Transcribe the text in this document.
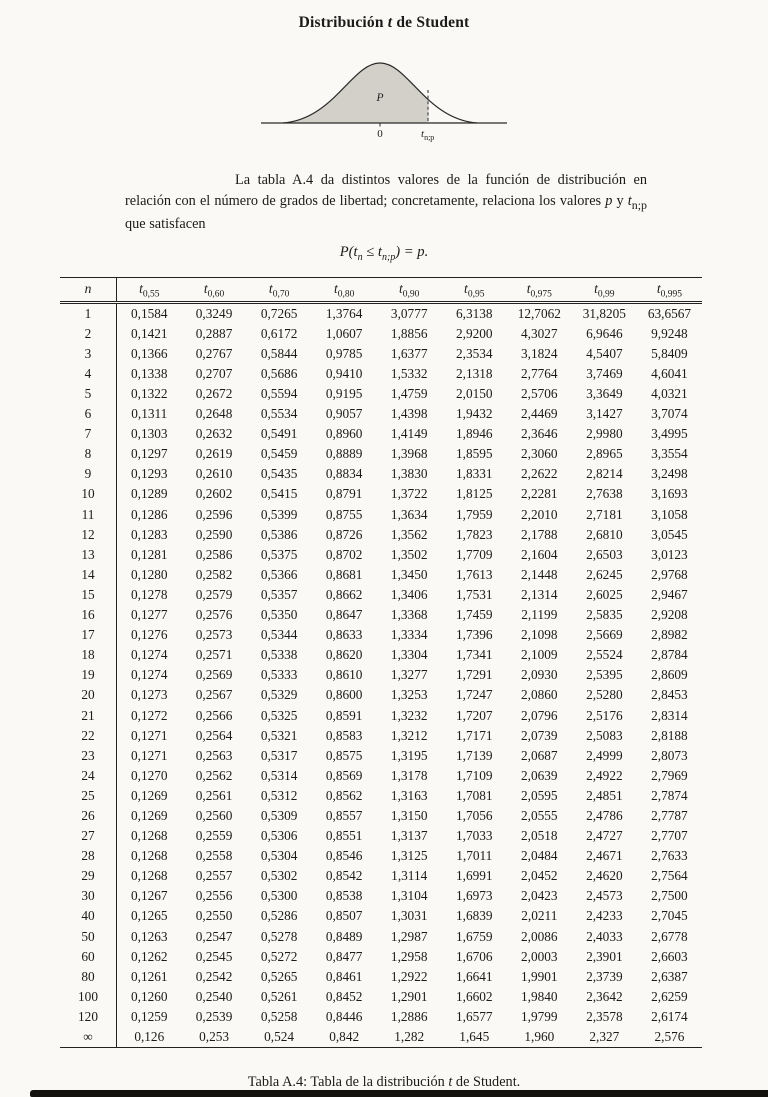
Distribución t de Student
P
0	$t_{n;p}$

La tabla A.4 da distintos valores de la función de distribución en relación con el número de grados de libertad; concretamente, relaciona los valores p y $t_{n;p}$ que satisfacen

$P(t_n \le t_{n;p}) = p$.
n	$t_{0,55}$	$t_{0,60}$	$t_{0,70}$	$t_{0,80}$	$t_{0,90}$	$t_{0,95}$	$t_{0,975}$	$t_{0,99}$	$t_{0,995}$
1	0,1584	0,3249	0,7265	1,3764	3,0777	6,3138	12,7062	31,8205	63,6567
2	0,1421	0,2887	0,6172	1,0607	1,8856	2,9200	4,3027	6,9646	9,9248
3	0,1366	0,2767	0,5844	0,9785	1,6377	2,3534	3,1824	4,5407	5,8409
4	0,1338	0,2707	0,5686	0,9410	1,5332	2,1318	2,7764	3,7469	4,6041
5	0,1322	0,2672	0,5594	0,9195	1,4759	2,0150	2,5706	3,3649	4,0321
6	0,1311	0,2648	0,5534	0,9057	1,4398	1,9432	2,4469	3,1427	3,7074
7	0,1303	0,2632	0,5491	0,8960	1,4149	1,8946	2,3646	2,9980	3,4995
8	0,1297	0,2619	0,5459	0,8889	1,3968	1,8595	2,3060	2,8965	3,3554
9	0,1293	0,2610	0,5435	0,8834	1,3830	1,8331	2,2622	2,8214	3,2498
10	0,1289	0,2602	0,5415	0,8791	1,3722	1,8125	2,2281	2,7638	3,1693
11	0,1286	0,2596	0,5399	0,8755	1,3634	1,7959	2,2010	2,7181	3,1058
12	0,1283	0,2590	0,5386	0,8726	1,3562	1,7823	2,1788	2,6810	3,0545
13	0,1281	0,2586	0,5375	0,8702	1,3502	1,7709	2,1604	2,6503	3,0123
14	0,1280	0,2582	0,5366	0,8681	1,3450	1,7613	2,1448	2,6245	2,9768
15	0,1278	0,2579	0,5357	0,8662	1,3406	1,7531	2,1314	2,6025	2,9467
16	0,1277	0,2576	0,5350	0,8647	1,3368	1,7459	2,1199	2,5835	2,9208
17	0,1276	0,2573	0,5344	0,8633	1,3334	1,7396	2,1098	2,5669	2,8982
18	0,1274	0,2571	0,5338	0,8620	1,3304	1,7341	2,1009	2,5524	2,8784
19	0,1274	0,2569	0,5333	0,8610	1,3277	1,7291	2,0930	2,5395	2,8609
20	0,1273	0,2567	0,5329	0,8600	1,3253	1,7247	2,0860	2,5280	2,8453
21	0,1272	0,2566	0,5325	0,8591	1,3232	1,7207	2,0796	2,5176	2,8314
22	0,1271	0,2564	0,5321	0,8583	1,3212	1,7171	2,0739	2,5083	2,8188
23	0,1271	0,2563	0,5317	0,8575	1,3195	1,7139	2,0687	2,4999	2,8073
24	0,1270	0,2562	0,5314	0,8569	1,3178	1,7109	2,0639	2,4922	2,7969
25	0,1269	0,2561	0,5312	0,8562	1,3163	1,7081	2,0595	2,4851	2,7874
26	0,1269	0,2560	0,5309	0,8557	1,3150	1,7056	2,0555	2,4786	2,7787
27	0,1268	0,2559	0,5306	0,8551	1,3137	1,7033	2,0518	2,4727	2,7707
28	0,1268	0,2558	0,5304	0,8546	1,3125	1,7011	2,0484	2,4671	2,7633
29	0,1268	0,2557	0,5302	0,8542	1,3114	1,6991	2,0452	2,4620	2,7564
30	0,1267	0,2556	0,5300	0,8538	1,3104	1,6973	2,0423	2,4573	2,7500
40	0,1265	0,2550	0,5286	0,8507	1,3031	1,6839	2,0211	2,4233	2,7045
50	0,1263	0,2547	0,5278	0,8489	1,2987	1,6759	2,0086	2,4033	2,6778
60	0,1262	0,2545	0,5272	0,8477	1,2958	1,6706	2,0003	2,3901	2,6603
80	0,1261	0,2542	0,5265	0,8461	1,2922	1,6641	1,9901	2,3739	2,6387
100	0,1260	0,2540	0,5261	0,8452	1,2901	1,6602	1,9840	2,3642	2,6259
120	0,1259	0,2539	0,5258	0,8446	1,2886	1,6577	1,9799	2,3578	2,6174
∞	0,126	0,253	0,524	0,842	1,282	1,645	1,960	2,327	2,576
Tabla A.4: Tabla de la distribución t de Student.
